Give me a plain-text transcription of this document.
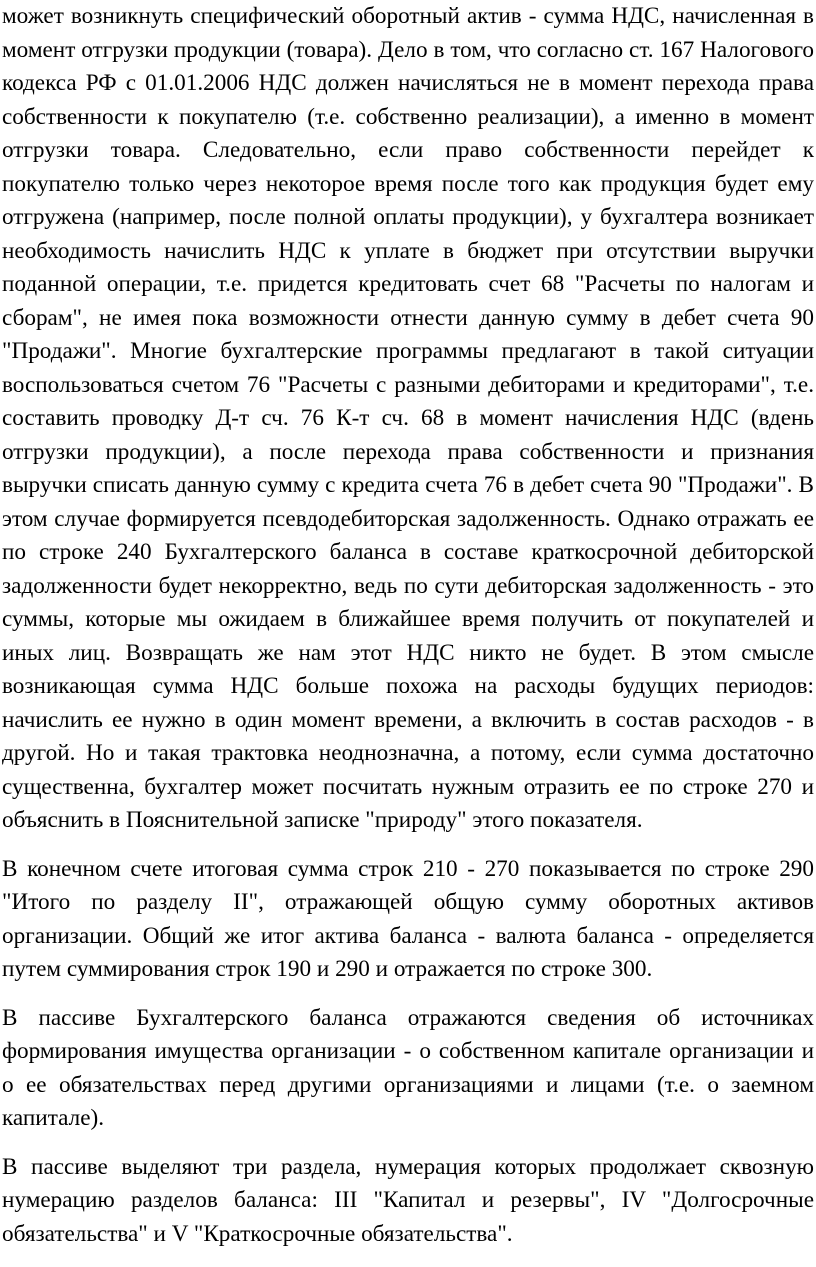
может возникнуть специфический оборотный актив - сумма НДС, начисленная в момент отгрузки продукции (товара). Дело в том, что согласно ст. 167 Налогового кодекса РФ с 01.01.2006 НДС должен начисляться не в момент перехода права собственности к покупателю (т.е. собственно реализации), а именно в момент отгрузки товара. Следовательно, если право собственности перейдет к покупателю только через некоторое время после того как продукция будет ему отгружена (например, после полной оплаты продукции), у бухгалтера возникает необходимость начислить НДС к уплате в бюджет при отсутствии выручки поданной операции, т.е. придется кредитовать счет 68 "Расчеты по налогам и сборам", не имея пока возможности отнести данную сумму в дебет счета 90 "Продажи". Многие бухгалтерские программы предлагают в такой ситуации воспользоваться счетом 76 "Расчеты с разными дебиторами и кредиторами", т.е. составить проводку Д-т сч. 76 К-т сч. 68 в момент начисления НДС (вдень отгрузки продукции), а после перехода права собственности и признания выручки списать данную сумму с кредита счета 76 в дебет счета 90 "Продажи". В этом случае формируется псевдодебиторская задолженность. Однако отражать ее по строке 240 Бухгалтерского баланса в составе краткосрочной дебиторской задолженности будет некорректно, ведь по сути дебиторская задолженность - это суммы, которые мы ожидаем в ближайшее время получить от покупателей и иных лиц. Возвращать же нам этот НДС никто не будет. В этом смысле возникающая сумма НДС больше похожа на расходы будущих периодов: начислить ее нужно в один момент времени, а включить в состав расходов - в другой. Но и такая трактовка неоднозначна, а потому, если сумма достаточно существенна, бухгалтер может посчитать нужным отразить ее по строке 270 и объяснить в Пояснительной записке "природу" этого показателя.

В конечном счете итоговая сумма строк 210 - 270 показывается по строке 290 "Итого по разделу II", отражающей общую сумму оборотных активов организации. Общий же итог актива баланса - валюта баланса - определяется путем суммирования строк 190 и 290 и отражается по строке 300.

В пассиве Бухгалтерского баланса отражаются сведения об источниках формирования имущества организации - о собственном капитале организации и о ее обязательствах перед другими организациями и лицами (т.е. о заемном капитале).

В пассиве выделяют три раздела, нумерация которых продолжает сквозную нумерацию разделов баланса: III "Капитал и резервы", IV "Долгосрочные обязательства" и V "Краткосрочные обязательства".
